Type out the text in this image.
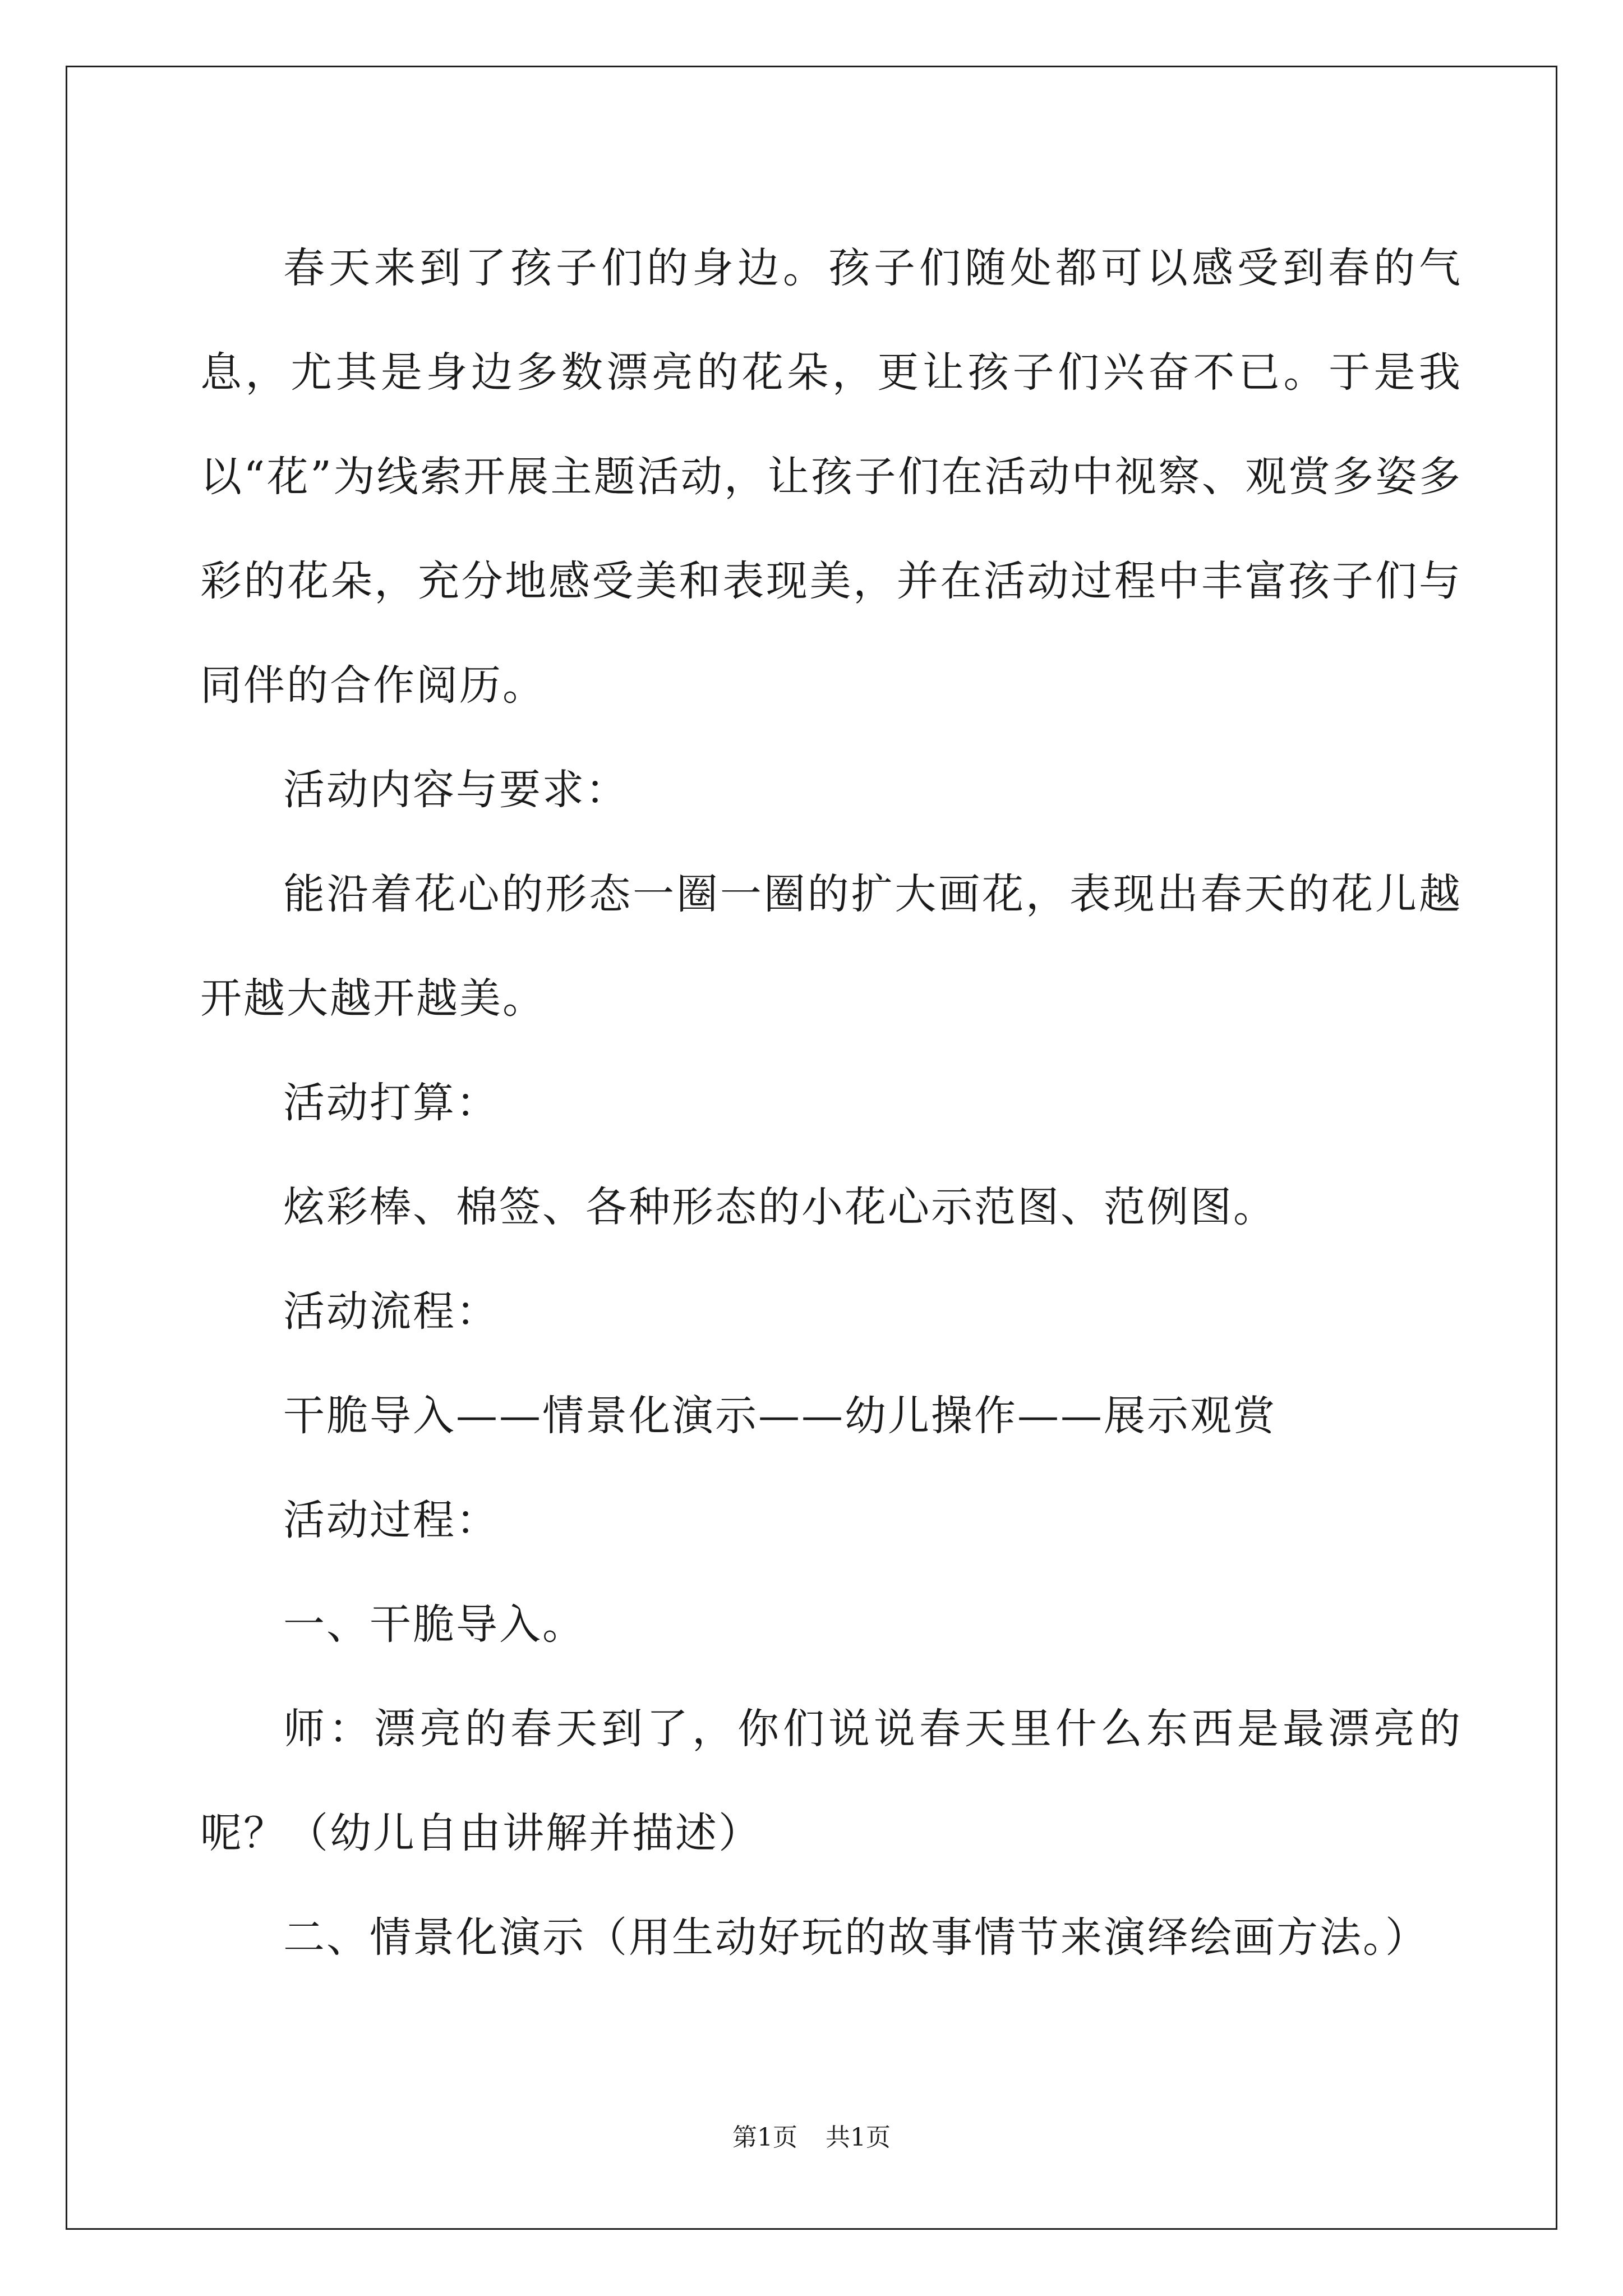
春天来到了孩子们的身边。孩子们随处都可以感受到春的气息，尤其是身边多数漂亮的花朵，更让孩子们兴奋不已。于是我以“花”为线索开展主题活动，让孩子们在活动中视察、观赏多姿多彩的花朵，充分地感受美和表现美，并在活动过程中丰富孩子们与同伴的合作阅历。

活动内容与要求：

能沿着花心的形态一圈一圈的扩大画花，表现出春天的花儿越开越大越开越美。

活动打算：

炫彩棒、棉签、各种形态的小花心示范图、范例图。

活动流程：

干脆导入——情景化演示——幼儿操作——展示观赏

活动过程：

一、干脆导入。

师：漂亮的春天到了，你们说说春天里什么东西是最漂亮的呢？（幼儿自由讲解并描述）

二、情景化演示（用生动好玩的故事情节来演绎绘画方法。）

第1页 共1页
